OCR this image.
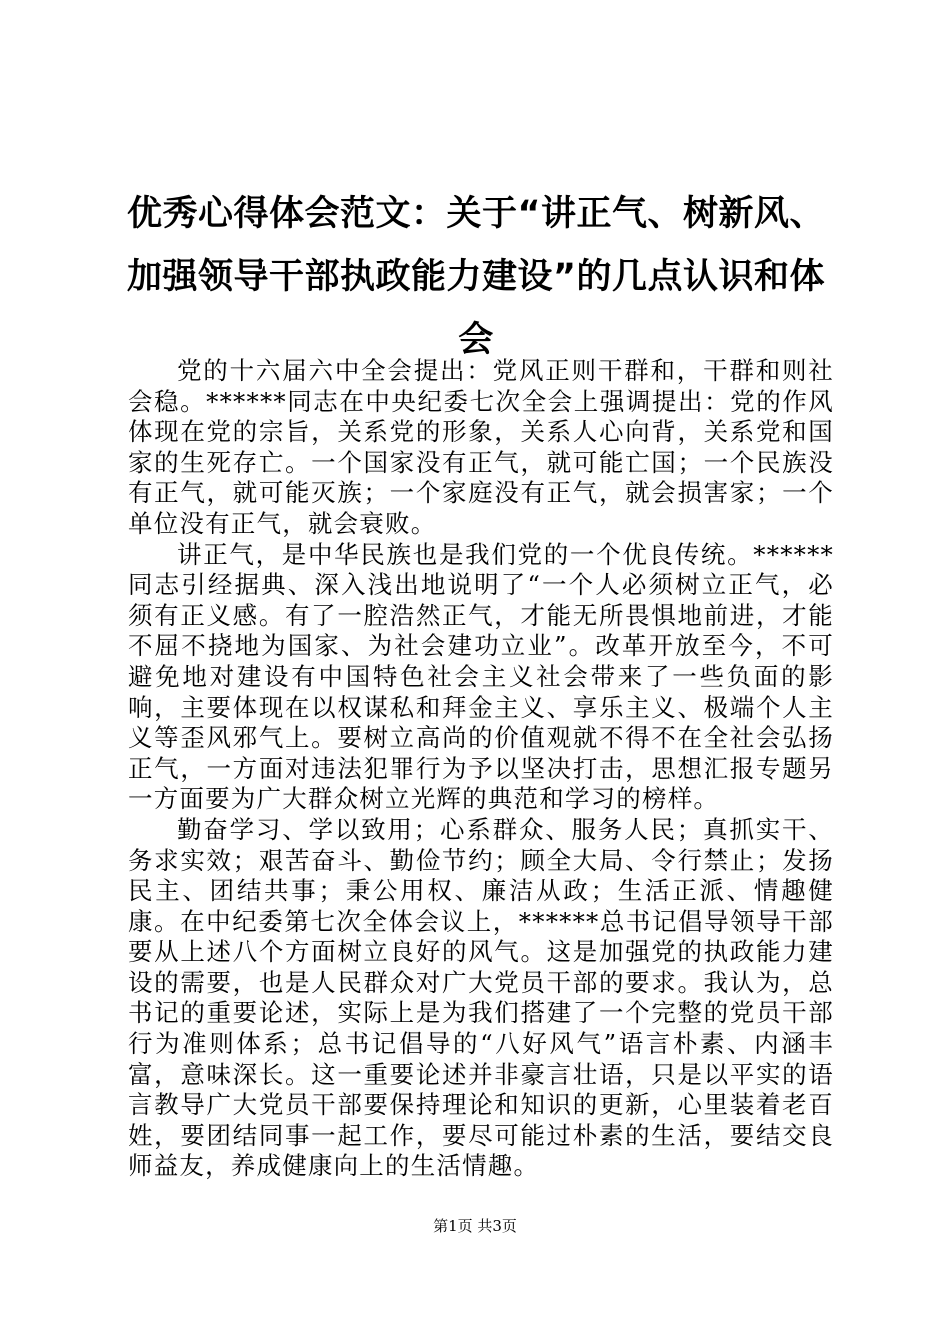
优秀心得体会范文：关于“讲正气、树新风、加强领导干部执政能力建设”的几点认识和体会

党的十六届六中全会提出：党风正则干群和，干群和则社会稳。******同志在中央纪委七次全会上强调提出：党的作风体现在党的宗旨，关系党的形象，关系人心向背，关系党和国家的生死存亡。一个国家没有正气，就可能亡国；一个民族没有正气，就可能灭族；一个家庭没有正气，就会损害家；一个单位没有正气，就会衰败。

讲正气，是中华民族也是我们党的一个优良传统。******同志引经据典、深入浅出地说明了“一个人必须树立正气，必须有正义感。有了一腔浩然正气，才能无所畏惧地前进，才能不屈不挠地为国家、为社会建功立业”。改革开放至今，不可避免地对建设有中国特色社会主义社会带来了一些负面的影响，主要体现在以权谋私和拜金主义、享乐主义、极端个人主义等歪风邪气上。要树立高尚的价值观就不得不在全社会弘扬正气，一方面对违法犯罪行为予以坚决打击，思想汇报专题另一方面要为广大群众树立光辉的典范和学习的榜样。

勤奋学习、学以致用；心系群众、服务人民；真抓实干、务求实效；艰苦奋斗、勤俭节约；顾全大局、令行禁止；发扬民主、团结共事；秉公用权、廉洁从政；生活正派、情趣健康。在中纪委第七次全体会议上，******总书记倡导领导干部要从上述八个方面树立良好的风气。这是加强党的执政能力建设的需要，也是人民群众对广大党员干部的要求。我认为，总书记的重要论述，实际上是为我们搭建了一个完整的党员干部行为准则体系；总书记倡导的“八好风气”语言朴素、内涵丰富，意味深长。这一重要论述并非豪言壮语，只是以平实的语言教导广大党员干部要保持理论和知识的更新，心里装着老百姓，要团结同事一起工作，要尽可能过朴素的生活，要结交良师益友，养成健康向上的生活情趣。

第1页 共3页
